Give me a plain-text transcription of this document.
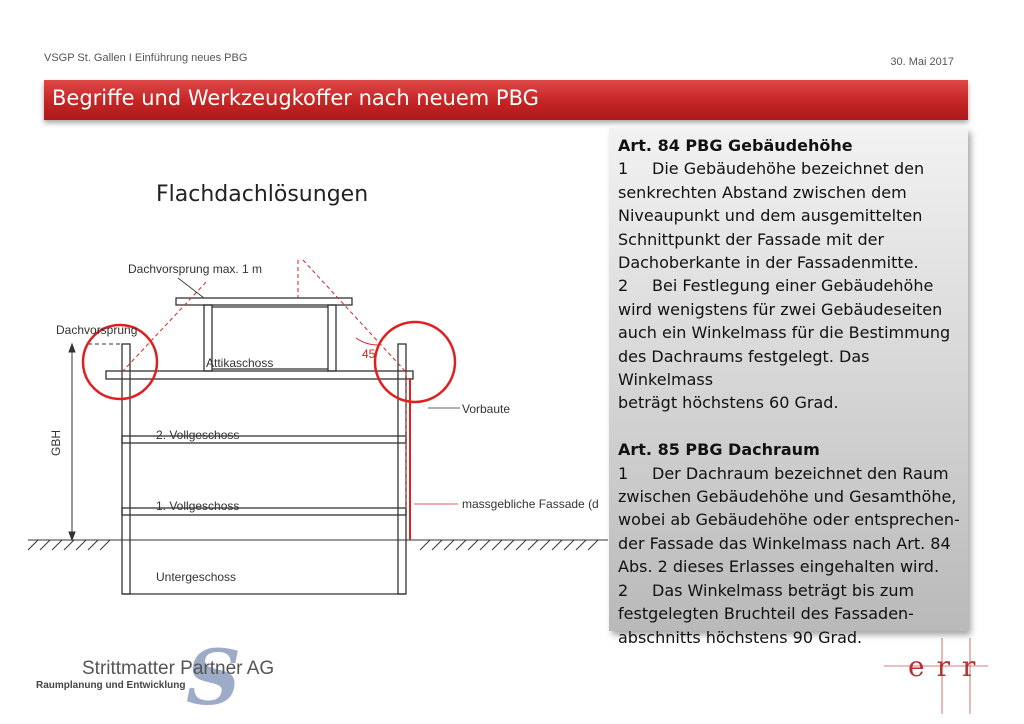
VSGP St. Gallen I Einführung neues PBG	30. Mai 2017
Begriffe und Werkzeugkoffer nach neuem PBG
Flachdachlösungen
Dachvorsprung max. 1 m
Dachvorsprung
Attikaschoss
45
Vorbaute
GBH	2. Vollgeschoss
1. Vollgeschoss
Untergeschoss
massgebliche Fassade (d

Art. 84 PBG Gebäudehöhe

1 Die Gebäudehöhe bezeichnet den

senkrechten Abstand zwischen dem

Niveaupunkt und dem ausgemittelten

Schnittpunkt der Fassade mit der

Dachoberkante in der Fassadenmitte.

2 Bei Festlegung einer Gebäudehöhe

wird wenigstens für zwei Gebäudeseiten

auch ein Winkelmass für die Bestimmung

des Dachraums festgelegt. Das Winkelmass

beträgt höchstens 60 Grad.

Art. 85 PBG Dachraum

1 Der Dachraum bezeichnet den Raum

zwischen Gebäudehöhe und Gesamthöhe,

wobei ab Gebäudehöhe oder entsprechen-

der Fassade das Winkelmass nach Art. 84

Abs. 2 dieses Erlasses eingehalten wird.

2 Das Winkelmass beträgt bis zum

festgelegten Bruchteil des Fassaden-

abschnitts höchstens 90 Grad.

S
Strittmatter Partner AG
Raumplanung und Entwicklung
err
